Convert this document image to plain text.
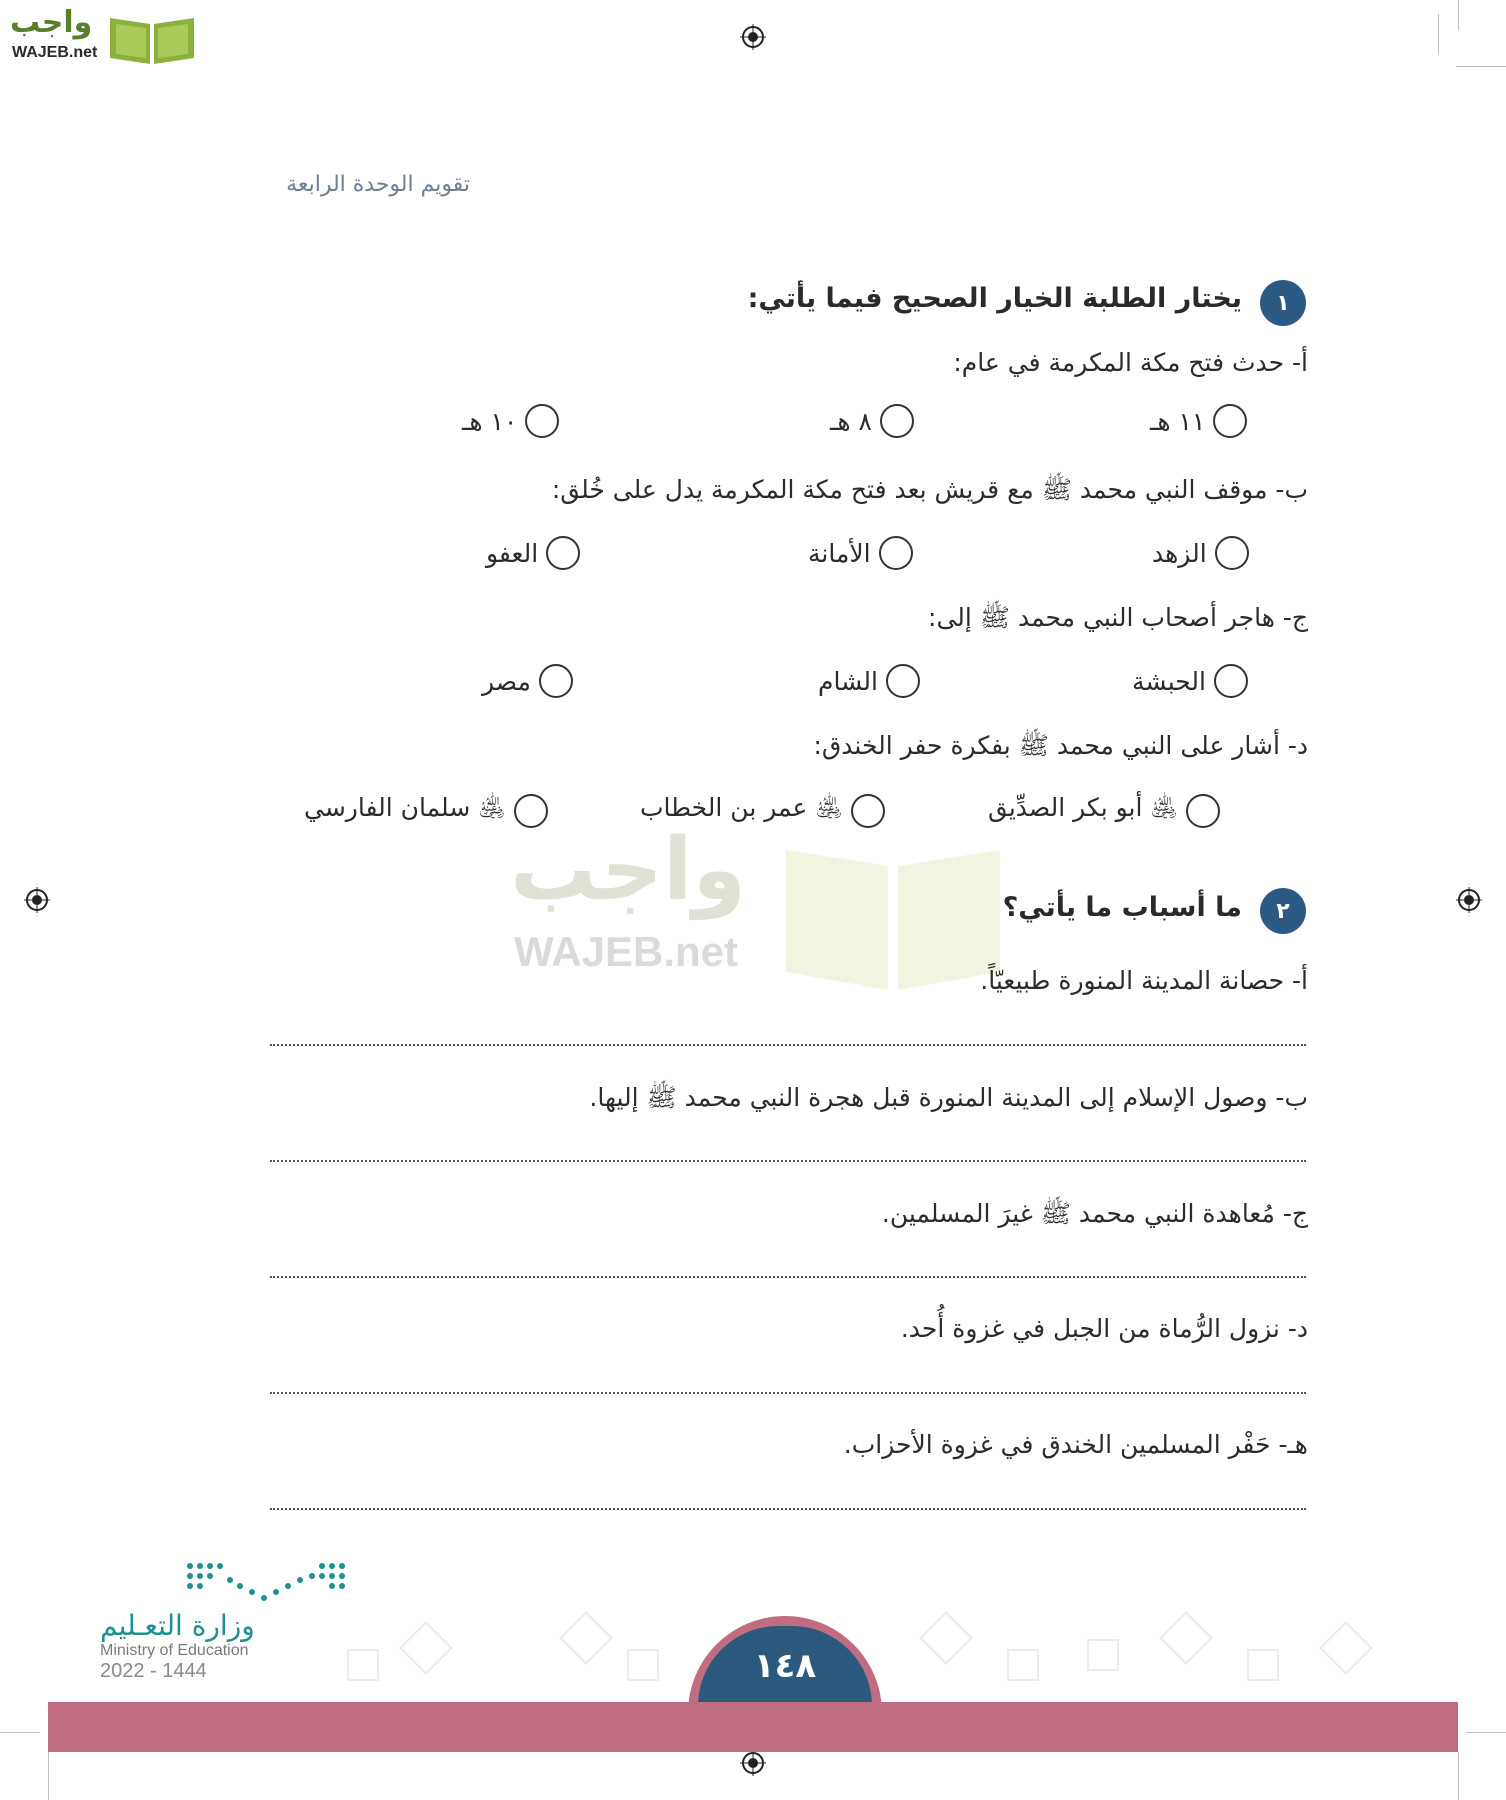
واجب
WAJEB.net
تقويم الوحدة الرابعة
١
يختار الطلبة الخيار الصحيح فيما يأتي:
أ- حدث فتح مكة المكرمة في عام:
١١ هـ
٨ هـ
١٠ هـ
ب- موقف النبي محمد ﷺ مع قريش بعد فتح مكة المكرمة يدل على خُلق:
الزهد
الأمانة
العفو
ج- هاجر أصحاب النبي محمد ﷺ إلى:
الحبشة
الشام
مصر
د- أشار على النبي محمد ﷺ بفكرة حفر الخندق:
أبو بكر الصدِّيق ﵁
عمر بن الخطاب ﵁
سلمان الفارسي ﵁
واجب
WAJEB.net
٢
ما أسباب ما يأتي؟
أ- حصانة المدينة المنورة طبيعيّاً.
ب- وصول الإسلام إلى المدينة المنورة قبل هجرة النبي محمد ﷺ إليها.
ج- مُعاهدة النبي محمد ﷺ غيرَ المسلمين.
د- نزول الرُّماة من الجبل في غزوة أُحد.
هـ- حَفْر المسلمين الخندق في غزوة الأحزاب.
وزارة التعـليم
Ministry of Education
2022 - 1444	١٤٨
